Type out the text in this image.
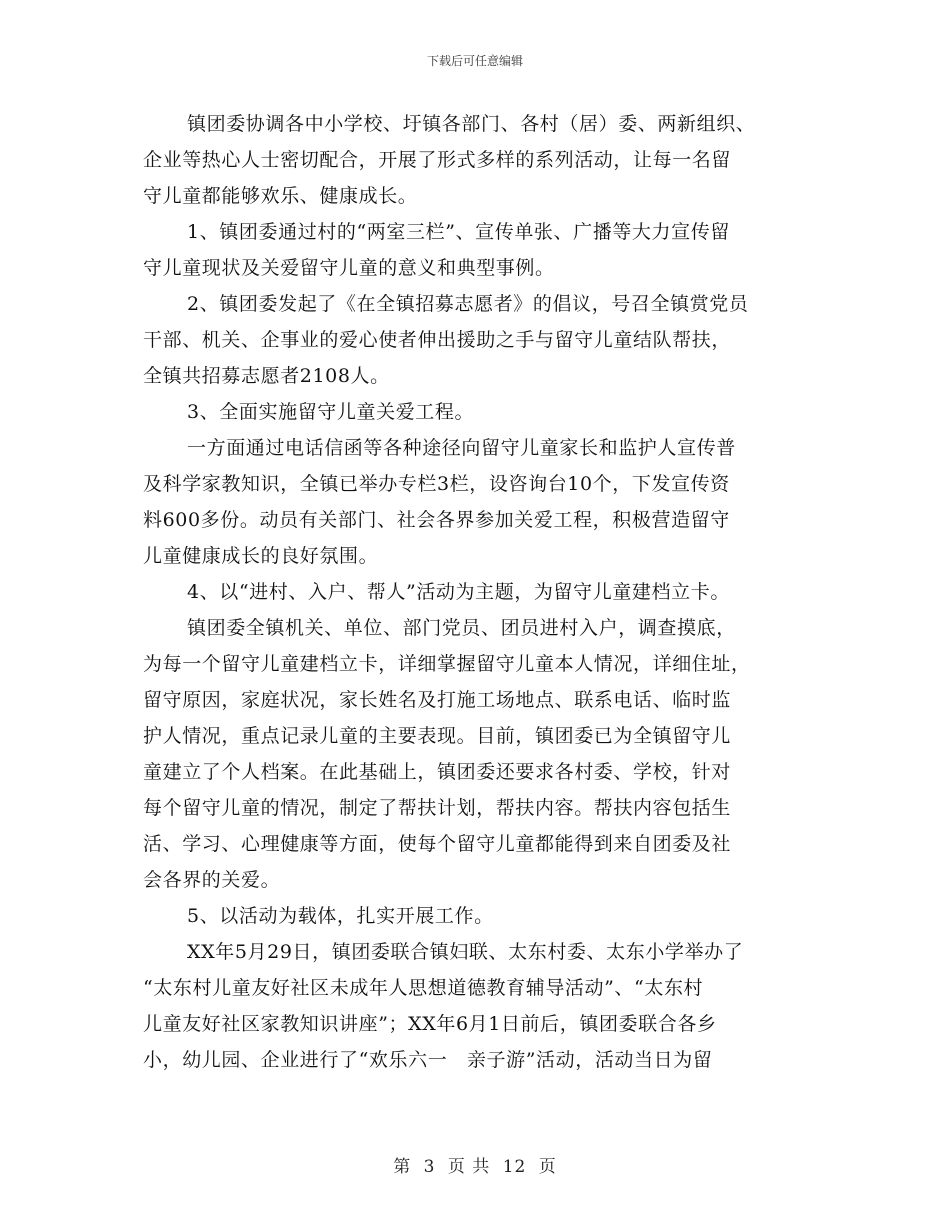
下载后可任意编辑
镇团委协调各中小学校、圩镇各部门、各村（居）委、两新组织、
企业等热心人士密切配合，开展了形式多样的系列活动，让每一名留
守儿童都能够欢乐、健康成长。
1、镇团委通过村的“两室三栏”、宣传单张、广播等大力宣传留
守儿童现状及关爱留守儿童的意义和典型事例。
2、镇团委发起了《在全镇招募志愿者》的倡议，号召全镇赏党员
干部、机关、企事业的爱心使者伸出援助之手与留守儿童结队帮扶，
全镇共招募志愿者2108人。
3、全面实施留守儿童关爱工程。
一方面通过电话信函等各种途径向留守儿童家长和监护人宣传普
及科学家教知识，全镇已举办专栏3栏，设咨询台10个，下发宣传资
料600多份。动员有关部门、社会各界参加关爱工程，积极营造留守
儿童健康成长的良好氛围。
4、以“进村、入户、帮人”活动为主题，为留守儿童建档立卡。
镇团委全镇机关、单位、部门党员、团员进村入户，调查摸底，
为每一个留守儿童建档立卡，详细掌握留守儿童本人情况，详细住址，
留守原因，家庭状况，家长姓名及打施工场地点、联系电话、临时监
护人情况，重点记录儿童的主要表现。目前，镇团委已为全镇留守儿
童建立了个人档案。在此基础上，镇团委还要求各村委、学校，针对
每个留守儿童的情况，制定了帮扶计划，帮扶内容。帮扶内容包括生
活、学习、心理健康等方面，使每个留守儿童都能得到来自团委及社
会各界的关爱。
5、以活动为载体，扎实开展工作。
XX年5月29日，镇团委联合镇妇联、太东村委、太东小学举办了
“太东村儿童友好社区未成年人思想道德教育辅导活动”、“太东村
儿童友好社区家教知识讲座”；XX年6月1日前后，镇团委联合各乡
小，幼儿园、企业进行了“欢乐六一　亲子游”活动，活动当日为留
第 3 页 共 12 页
